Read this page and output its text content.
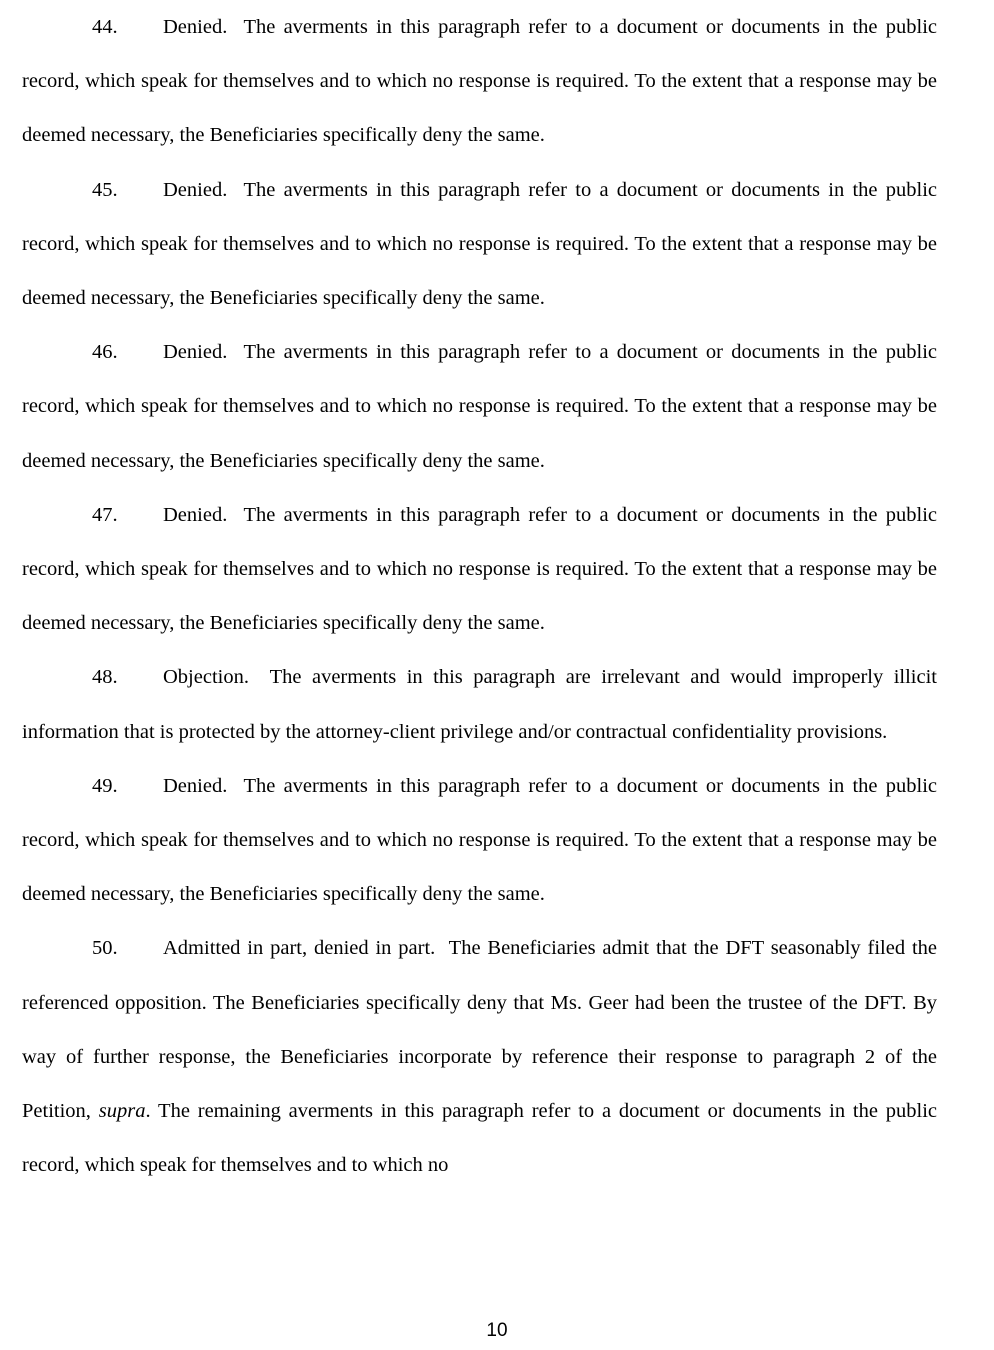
44. Denied. The averments in this paragraph refer to a document or documents in the public record, which speak for themselves and to which no response is required. To the extent that a response may be deemed necessary, the Beneficiaries specifically deny the same.

45. Denied. The averments in this paragraph refer to a document or documents in the public record, which speak for themselves and to which no response is required. To the extent that a response may be deemed necessary, the Beneficiaries specifically deny the same.

46. Denied. The averments in this paragraph refer to a document or documents in the public record, which speak for themselves and to which no response is required. To the extent that a response may be deemed necessary, the Beneficiaries specifically deny the same.

47. Denied. The averments in this paragraph refer to a document or documents in the public record, which speak for themselves and to which no response is required. To the extent that a response may be deemed necessary, the Beneficiaries specifically deny the same.

48. Objection. The averments in this paragraph are irrelevant and would improperly illicit information that is protected by the attorney-client privilege and/or contractual confidentiality provisions.

49. Denied. The averments in this paragraph refer to a document or documents in the public record, which speak for themselves and to which no response is required. To the extent that a response may be deemed necessary, the Beneficiaries specifically deny the same.

50. Admitted in part, denied in part. The Beneficiaries admit that the DFT seasonably filed the referenced opposition. The Beneficiaries specifically deny that Ms. Geer had been the trustee of the DFT. By way of further response, the Beneficiaries incorporate by reference their response to paragraph 2 of the Petition, supra. The remaining averments in this paragraph refer to a document or documents in the public record, which speak for themselves and to which no

10
